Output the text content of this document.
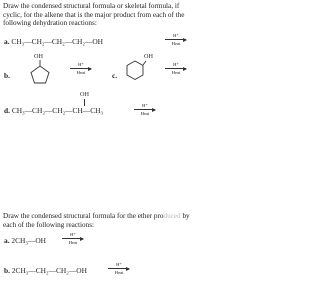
Draw the condensed structural formula or skeletal formula, if cyclic, for the alkene that is the major product from each of the following dehydration reactions:
a. CH₃—CH₂—CH₂—CH₂—OH
H⁺
Heat
b.
OH
H⁺
Heat	c.
OH
H⁺
Heat
OH
d. CH₃—CH₂—CH₂—CH—CH₃
H⁺
Heat
Draw the condensed structural formula for the ether produced by each of the following reactions:
a. 2CH₃—OH
H⁺
Heat
b. 2CH₃—CH₂—CH₂—OH
H⁺
Heat
